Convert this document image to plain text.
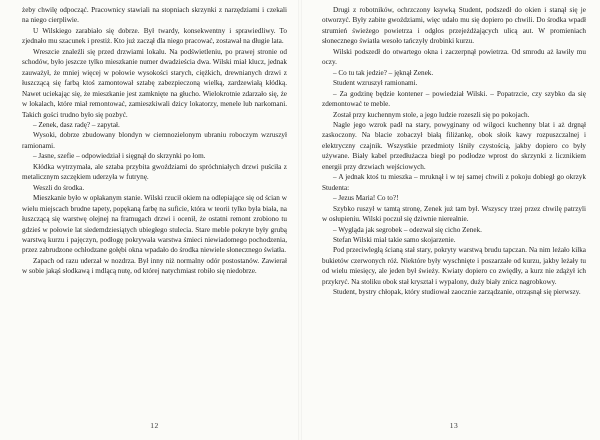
żeby chwilę odpocząć. Pracownicy stawiali na stopniach skrzynki z narzędziami i czekali na niego cierpliwie.

U Wilskiego zarabiało się dobrze. Był twardy, konsekwentny i sprawiedliwy. To zjednało mu szacunek i prestiż. Kto już zaczął dla niego pracować, zostawał na długie lata.

Wreszcie znaleźli się przed drzwiami lokalu. Na podświetleniu, po prawej stronie od schodów, było jeszcze tylko mieszkanie numer dwadzieścia dwa. Wilski miał klucz, jednak zauważył, że mniej więcej w połowie wysokości starych, ciężkich, drewnianych drzwi z łuszczącą się farbą ktoś zamontował sztabę zabezpieczoną wielką, zardzewiałą kłódką. Nawet uciekając się, że mieszkanie jest zamknięte na głucho. Wielokrotnie zdarzało się, że w lokalach, które miał remontować, zamieszkiwali dzicy lokatorzy, menele lub narkomani. Takich gości trudno było się pozbyć.

– Zenek, dasz radę? – zapytał.

Wysoki, dobrze zbudowany blondyn w ciemnozielonym ubraniu roboczym wzruszył ramionami.

– Jasne, szefie – odpowiedział i sięgnął do skrzynki po łom.

Kłódka wytrzymała, ale sztaba przybita gwoździami do spróchniałych drzwi puściła z metalicznym szczękiem uderzyła w futrynę.

Weszli do środka.

Mieszkanie było w opłakanym stanie. Wilski rzucił okiem na odlepiające się od ścian w wielu miejscach brudne tapety, popękaną farbę na suficie, która w teorii tylko była biała, na łuszczącą się warstwę olejnej na framugach drzwi i ocenił, że ostatni remont zrobiono tu gdzieś w połowie lat siedemdziesiątych ubiegłego stulecia. Stare meble pokryte były grubą warstwą kurzu i pajęczyn, podłogę pokrywała warstwa śmieci niewiadomego pochodzenia, przez zabrudzone ochłodzane gołębi okna wpadało do środka niewiele słonecznego światła.

Zapach od razu uderzał w nozdrza. Był inny niż normalny odór postostanów. Zawierał w sobie jakąś słodkawą i mdlącą nutę, od której natychmiast robiło się niedobrze.

12

Drugi z robotników, ochrzczony ksywką Student, podszedł do okien i stanął się je otworzyć. Były zabite gwoździami, więc udało mu się dopiero po chwili. Do środka wpadł strumień świeżego powietrza i odgłos przejeżdżających ulicą aut. W promieniach słonecznego światła wesoło tańczyły drobinki kurzu.

Wilski podszedł do otwartego okna i zaczerpnął powietrza. Od smrodu aż ławiły mu oczy.

– Co tu tak jedzie? – jęknął Zenek.

Student wzruszył ramionami.

– Za godzinę będzie kontener – powiedział Wilski. – Popatrzcie, czy szybko da się zdemontować te meble.

Został przy kuchennym stole, a jego ludzie rozeszli się po pokojach.

Nagle jego wzrok padł na stary, powyginany od wilgoci kuchenny blat i aż drgnął zaskoczony. Na blacie zobaczył białą filiżankę, obok słoik kawy rozpuszczalnej i elektryczny czajnik. Wszystkie przedmioty lśniły czystością, jakby dopiero co były używane. Biały kabel przedłużacza biegł po podłodze wprost do skrzynki z licznikiem energii przy drzwiach wejściowych.

– A jednak ktoś tu mieszka – mruknął i w tej samej chwili z pokoju dobiegł go okrzyk Studenta:

– Jezus Maria! Co to?!

Szybko ruszył w tamtą stronę, Zenek już tam był. Wszyscy trzej przez chwilę patrzyli w osłupieniu. Wilski poczuł się dziwnie nierealnie.

– Wygląda jak segrobek – odezwał się cicho Zenek.

Stefan Wilski miał takie samo skojarzenie.

Pod przeciwległą ścianą stał stary, pokryty warstwą brudu tapczan. Na nim leżało kilka bukietów czerwonych róż. Niektóre były wyschnięte i poszarzałe od kurzu, jakby leżały tu od wielu miesięcy, ale jeden był świeży. Kwiaty dopiero co zwiędły, a kurz nie zdążył ich przykryć. Na stoliku obok stał kryształ i wypalony, duży biały znicz nagrobkowy.

Student, bystry chłopak, który studiował zaocznie zarządzanie, otrząsnął się pierwszy.

13
